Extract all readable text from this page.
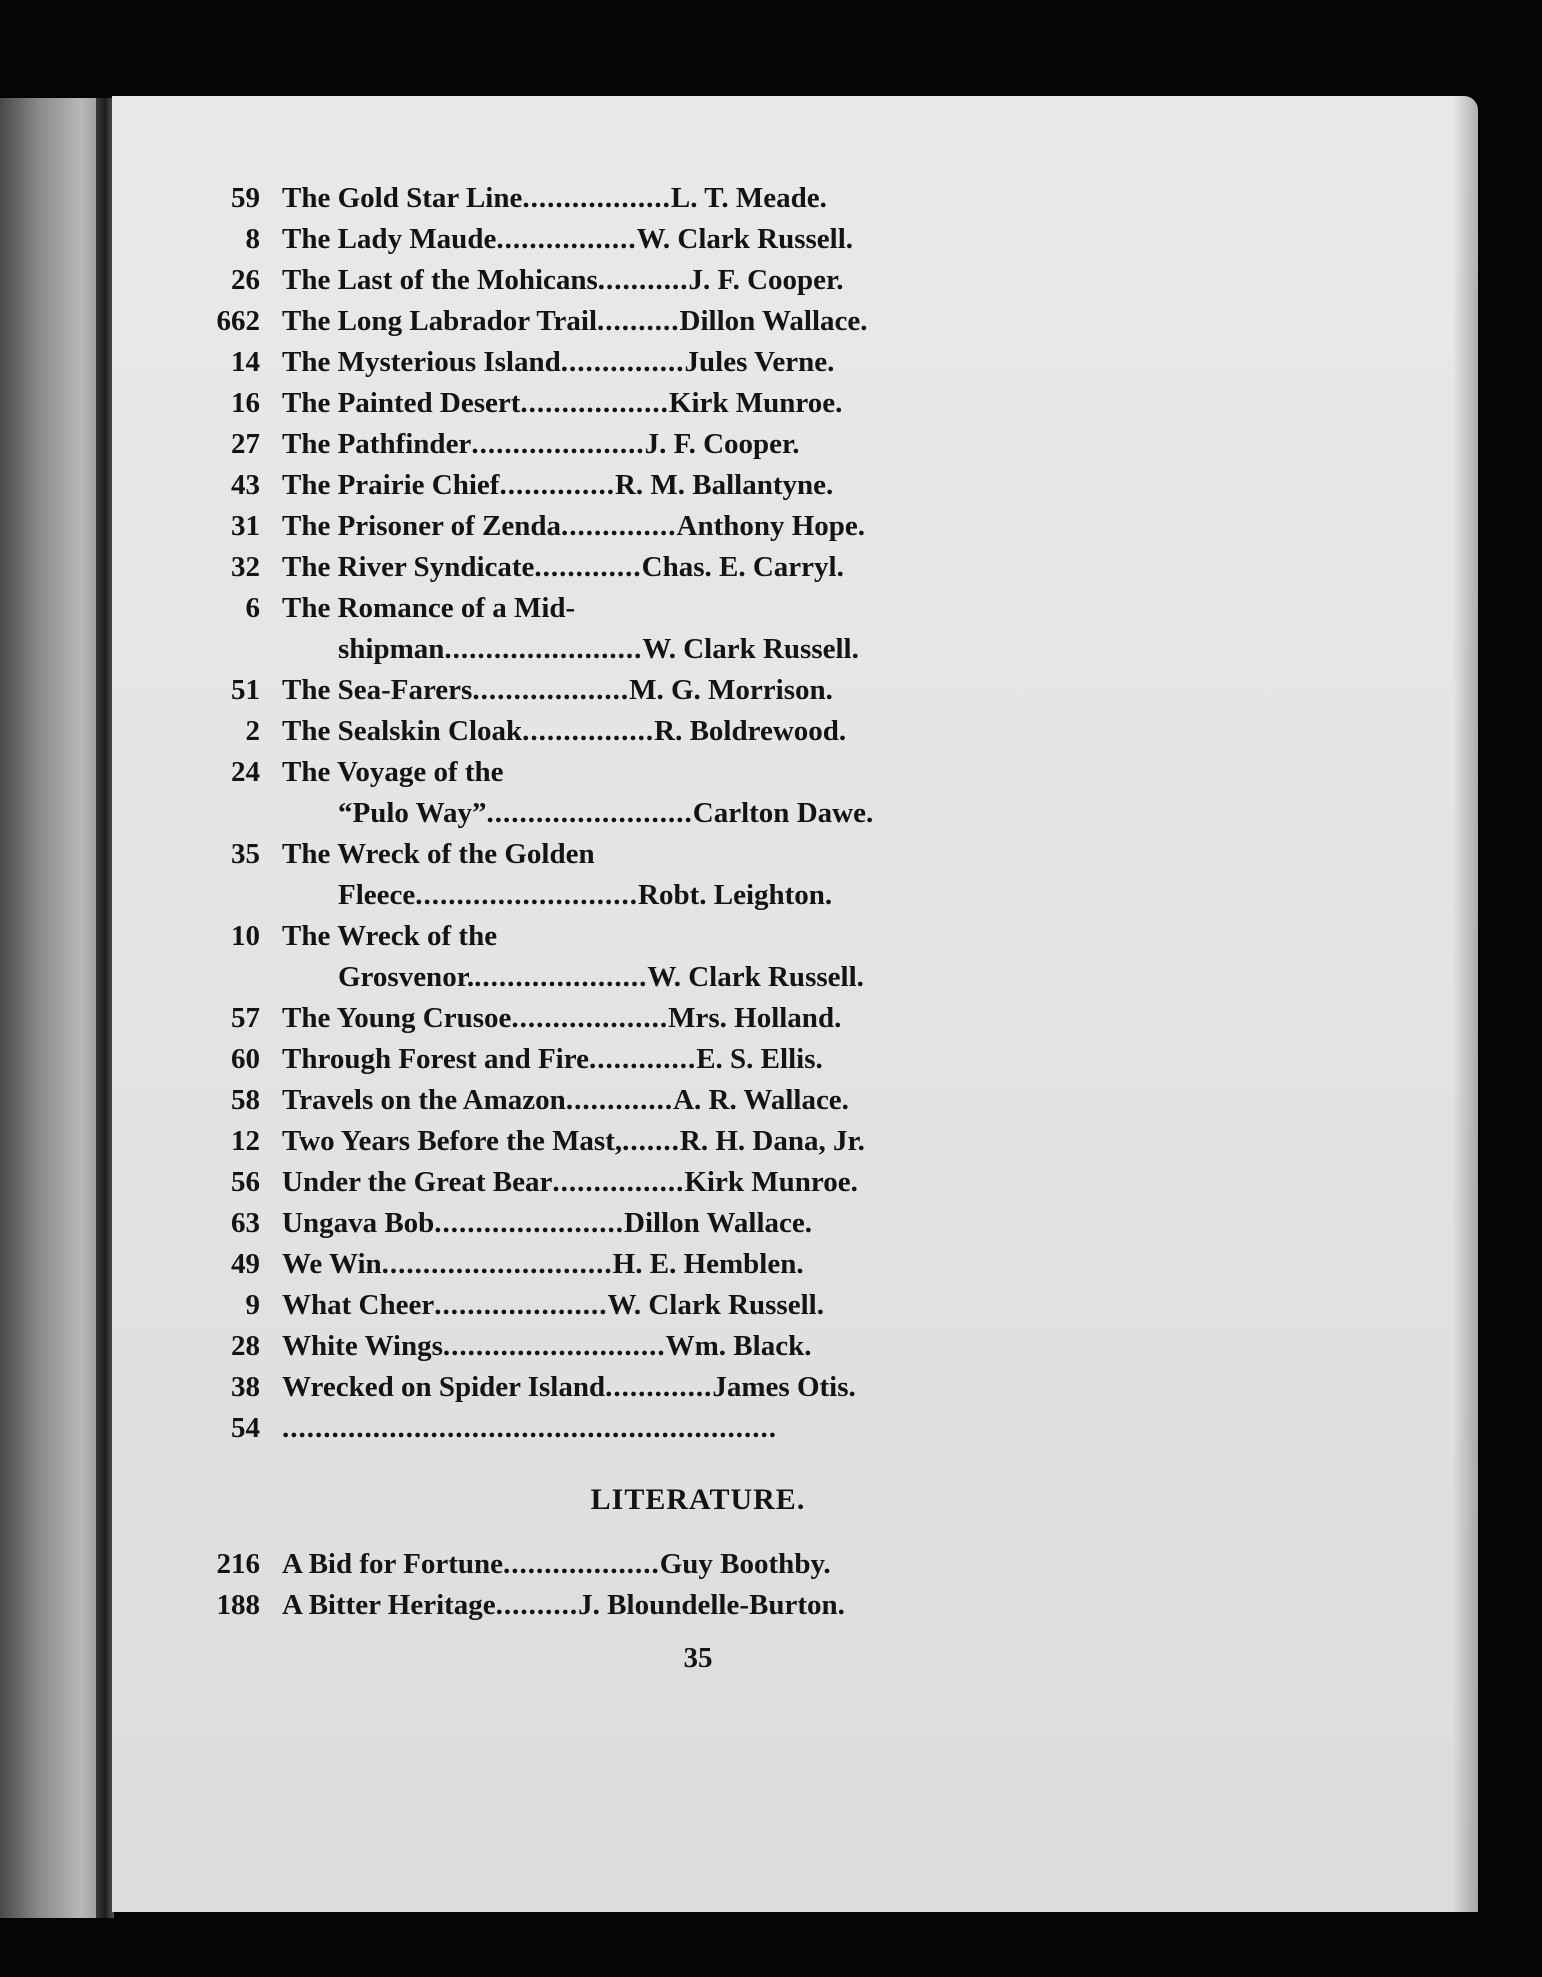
59 The Gold Star Line..................L. T. Meade.
8 The Lady Maude.................W. Clark Russell.
26 The Last of the Mohicans...........J. F. Cooper.
662 The Long Labrador Trail..........Dillon Wallace.
14 The Mysterious Island...............Jules Verne.
16 The Painted Desert..................Kirk Munroe.
27 The Pathfinder.....................J. F. Cooper.
43 The Prairie Chief..............R. M. Ballantyne.
31 The Prisoner of Zenda..............Anthony Hope.
32 The River Syndicate.............Chas. E. Carryl.
6 The Romance of a Mid-
shipman........................W. Clark Russell.
51 The Sea-Farers...................M. G. Morrison.
2 The Sealskin Cloak................R. Boldrewood.
24 The Voyage of the
“Pulo Way”.........................Carlton Dawe.
35 The Wreck of the Golden
Fleece...........................Robt. Leighton.
10 The Wreck of the
Grosvenor......................W. Clark Russell.
57 The Young Crusoe...................Mrs. Holland.
60 Through Forest and Fire.............E. S. Ellis.
58 Travels on the Amazon.............A. R. Wallace.
12 Two Years Before the Mast,.......R. H. Dana, Jr.
56 Under the Great Bear................Kirk Munroe.
63 Ungava Bob.......................Dillon Wallace.
49 We Win............................H. E. Hemblen.
9 What Cheer.....................W. Clark Russell.
28 White Wings...........................Wm. Black.
38 Wrecked on Spider Island.............James Otis.
54 ............................................................
LITERATURE.
216 A Bid for Fortune...................Guy Boothby.
188 A Bitter Heritage..........J. Bloundelle-Burton.
35
